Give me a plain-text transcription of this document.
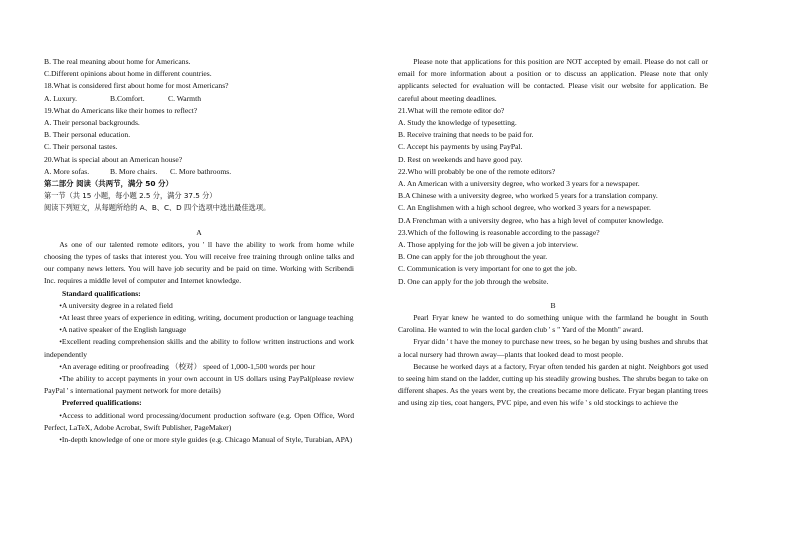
B. The real meaning about home for Americans.
C.Different opinions about home in different countries.
18.What is considered first about home for most Americans?
A. Luxury.	B.Comfort.	C. Warmth
19.What do Americans like their homes to reflect?
A. Their personal backgrounds.
B. Their personal education.
C. Their personal tastes.
20.What is special about an American house?
A. More sofas.	B. More chairs. C. More bathrooms.
第二部分 阅读（共两节，满分 50 分）
第一节（共 15 小题，每小题 2.5 分，满分 37.5 分）
阅读下列短文，从每题所给的 A、B、C、D 四个选项中选出最佳选项。
A

As one of our talented remote editors, you ' ll have the ability to work from home while choosing the types of tasks that interest you. You will receive free training through online talks and our company news letters. You will have job security and be paid on time. Working with Scribendi Inc. requires a middle level of computer and Internet knowledge.

Standard qualifications:

•A university degree in a related field

•At least three years of experience in editing, writing, document production or language teaching

•A native speaker of the English language

•Excellent reading comprehension skills and the ability to follow written instructions and work independently

•An average editing or proofreading （校对） speed of 1,000-1,500 words per hour

•The ability to accept payments in your own account in US dollars using PayPal(please review PayPal ' s international payment network for more details)

Preferred qualifications:

•Access to additional word processing/document production software (e.g. Open Office, Word Perfect, LaTeX, Adobe Acrobat, Swift Publisher, PageMaker)

•In-depth knowledge of one or more style guides (e.g. Chicago Manual of Style, Turabian, APA)

Please note that applications for this position are NOT accepted by email. Please do not call or email for more information about a position or to discuss an application. Please note that only applicants selected for evaluation will be contacted. Please visit our website for application. Be careful about meeting deadlines.

21.What will the remote editor do?
A. Study the knowledge of typesetting.
B. Receive training that needs to be paid for.
C. Accept his payments by using PayPal.
D. Rest on weekends and have good pay.
22.Who will probably be one of the remote editors?
A. An American with a university degree, who worked 3 years for a newspaper.

B.A Chinese with a university degree, who worked 5 years for a translation company.

C. An Englishmen with a high school degree, who worked 3 years for a newspaper.

D.A Frenchman with a university degree, who has a high level of computer knowledge.

23.Which of the following is reasonable according to the passage?
A. Those applying for the job will be given a job interview.
B. One can apply for the job throughout the year.
C. Communication is very important for one to get the job.
D. One can apply for the job through the website.
B

Pearl Fryar knew he wanted to do something unique with the farmland he bought in South Carolina. He wanted to win the local garden club ' s " Yard of the Month" award.

Fryar didn ' t have the money to purchase new trees, so he began by using bushes and shrubs that a local nursery had thrown away—plants that looked dead to most people.

Because he worked days at a factory, Fryar often tended his garden at night. Neighbors got used to seeing him stand on the ladder, cutting up his steadily growing bushes. The shrubs began to take on different shapes. As the years went by, the creations became more delicate. Fryar began planting trees and using zip ties, coat hangers, PVC pipe, and even his wife ' s old stockings to achieve the
